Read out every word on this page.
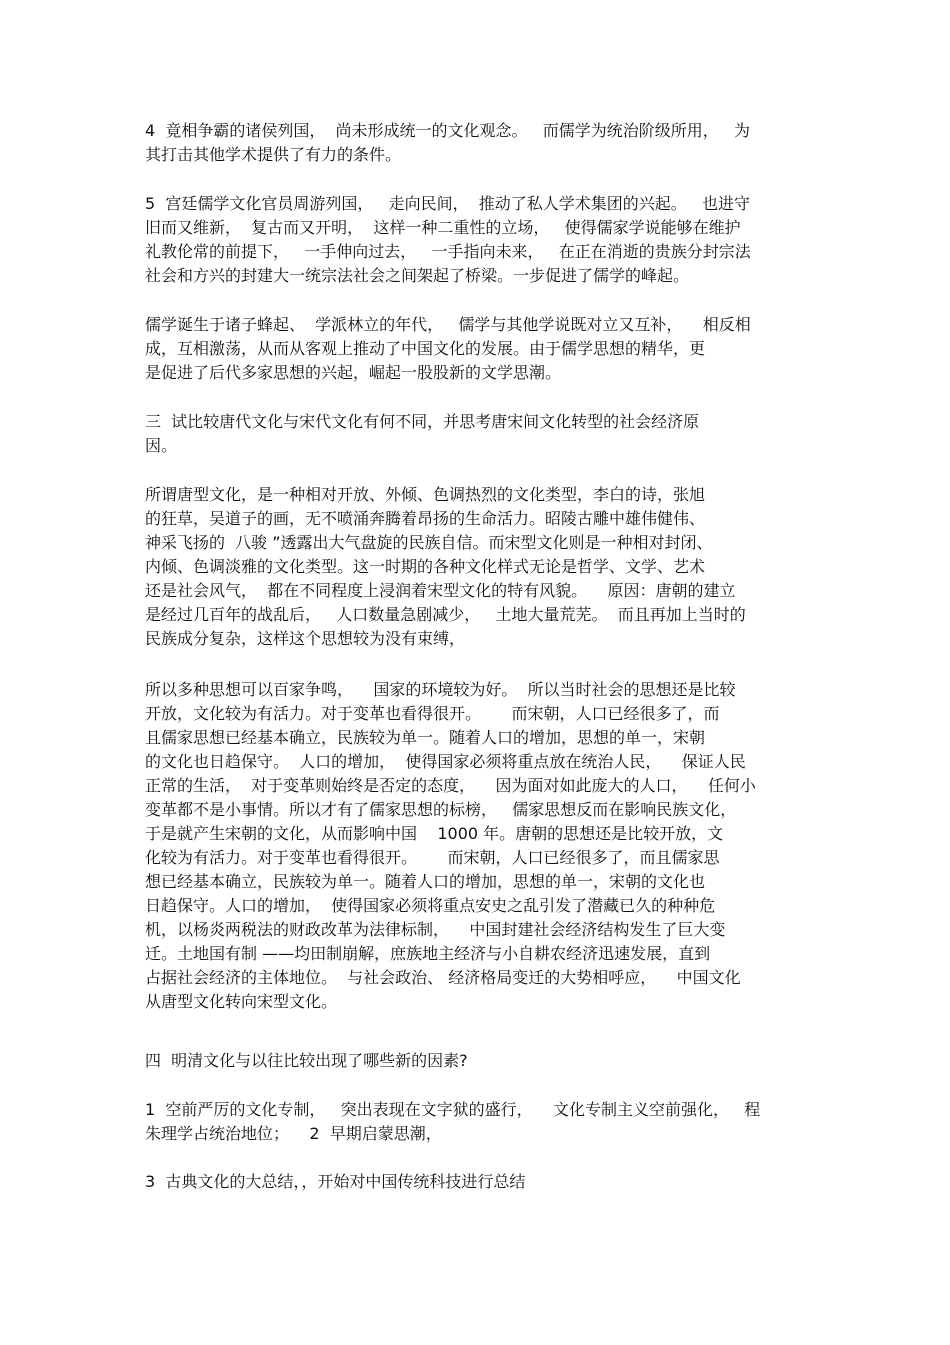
4  竟相争霸的诸侯列国，  尚未形成统一的文化观念。   而儒学为统治阶级所用，   为
其打击其他学术提供了有力的条件。
5  宫廷儒学文化官员周游列国，   走向民间，  推动了私人学术集团的兴起。   也进守
旧而又维新，  复古而又开明，  这样一种二重性的立场，   使得儒家学说能够在维护
礼教伦常的前提下，   一手伸向过去，   一手指向未来，   在正在消逝的贵族分封宗法
社会和方兴的封建大一统宗法社会之间架起了桥梁。一步促进了儒学的峰起。
儒学诞生于诸子蜂起、  学派林立的年代，   儒学与其他学说既对立又互补，    相反相
成，互相激荡，从而从客观上推动了中国文化的发展。由于儒学思想的精华，更
是促进了后代多家思想的兴起，崛起一股股新的文学思潮。
三  试比较唐代文化与宋代文化有何不同，并思考唐宋间文化转型的社会经济原
因。
所谓唐型文化，是一种相对开放、外倾、色调热烈的文化类型，李白的诗，张旭
的狂草，吴道子的画，无不喷涌奔腾着昂扬的生命活力。昭陵古雕中雄伟健伟、
神采飞扬的  八骏 ”透露出大气盘旋的民族自信。而宋型文化则是一种相对封闭、
内倾、色调淡雅的文化类型。这一时期的各种文化样式无论是哲学、文学、艺术
还是社会风气，  都在不同程度上浸润着宋型文化的特有风貌。    原因：唐朝的建立
是经过几百年的战乱后，   人口数量急剧减少，   土地大量荒芜。  而且再加上当时的
民族成分复杂，这样这个思想较为没有束缚，
所以多种思想可以百家争鸣，    国家的环境较为好。  所以当时社会的思想还是比较
开放，文化较为有活力。对于变革也看得很开。      而宋朝，人口已经很多了，而
且儒家思想已经基本确立，民族较为单一。随着人口的增加，思想的单一，宋朝
的文化也日趋保守。  人口的增加，  使得国家必须将重点放在统治人民，    保证人民
正常的生活，  对于变革则始终是否定的态度，    因为面对如此庞大的人口，    任何小
变革都不是小事情。所以才有了儒家思想的标榜，   儒家思想反而在影响民族文化，
于是就产生宋朝的文化，从而影响中国    1000 年。唐朝的思想还是比较开放，文
化较为有活力。对于变革也看得很开。      而宋朝，人口已经很多了，而且儒家思
想已经基本确立，民族较为单一。随着人口的增加，思想的单一，宋朝的文化也
日趋保守。人口的增加，  使得国家必须将重点安史之乱引发了潜藏已久的种种危
机，以杨炎两税法的财政改革为法律标制，    中国封建社会经济结构发生了巨大变
迁。土地国有制 ——均田制崩解，庶族地主经济与小自耕农经济迅速发展，直到
占据社会经济的主体地位。  与社会政治、 经济格局变迁的大势相呼应，    中国文化
从唐型文化转向宋型文化。
四  明清文化与以往比较出现了哪些新的因素?
1  空前严厉的文化专制，   突出表现在文字狱的盛行，    文化专制主义空前强化，   程
朱理学占统治地位；    2  早期启蒙思潮，
3  古典文化的大总结，，开始对中国传统科技进行总结
